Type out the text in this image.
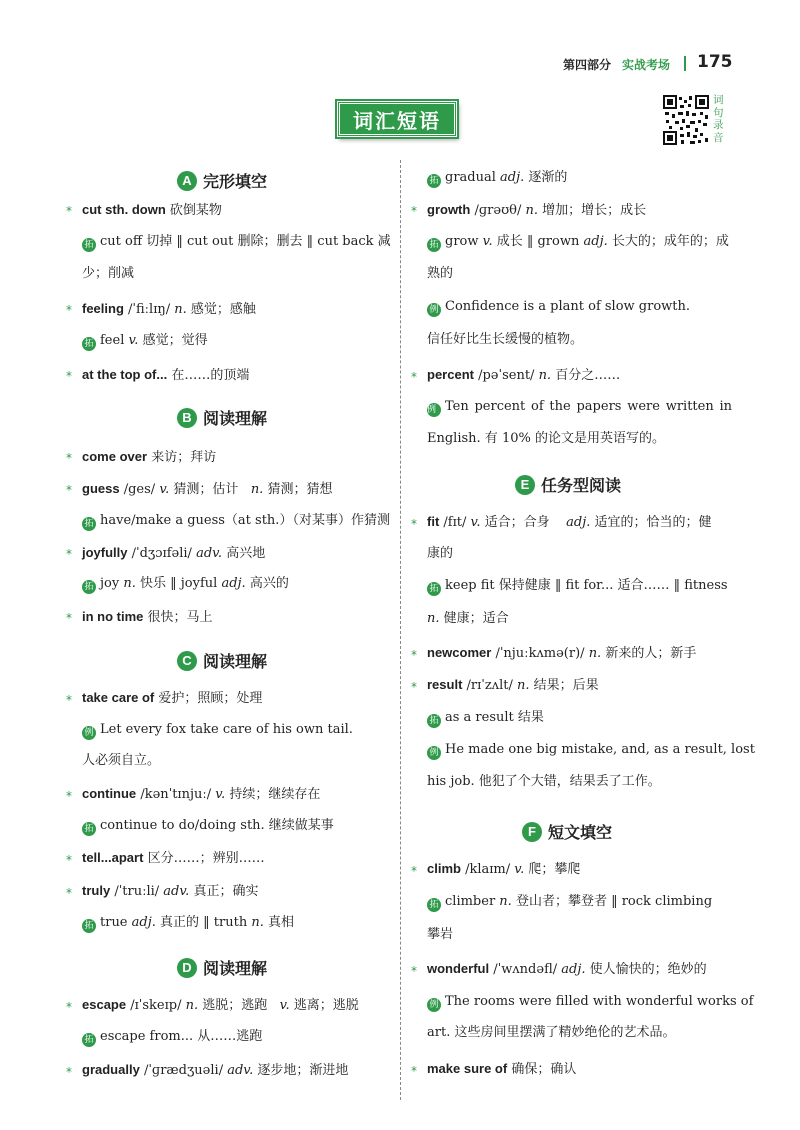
第四部分 实战考场 175
词汇短语
词
句
录
音
A 完形填空
* cut sth. down 砍倒某物
拓 cut off 切掉 ‖ cut out 删除；删去 ‖ cut back 减
少；削减
* feeling /ˈfiːlɪŋ/ n. 感觉；感触
拓 feel v. 感觉；觉得
* at the top of... 在……的顶端
B 阅读理解
* come over 来访；拜访
* guess /ges/ v. 猜测；估计 n. 猜测；猜想
拓 have/make a guess（at sth.）（对某事）作猜测
* joyfully /ˈdʒɔɪfəli/ adv. 高兴地
拓 joy n. 快乐 ‖ joyful adj. 高兴的
* in no time 很快；马上
C 阅读理解
* take care of 爱护；照顾；处理
例 Let every fox take care of his own tail.
人必须自立。
* continue /kənˈtɪnjuː/ v. 持续；继续存在
拓 continue to do/doing sth. 继续做某事
* tell...apart 区分……；辨别……
* truly /ˈtruːli/ adv. 真正；确实
拓 true adj. 真正的 ‖ truth n. 真相
D 阅读理解
* escape /ɪˈskeɪp/ n. 逃脱；逃跑 v. 逃离；逃脱
拓 escape from... 从……逃跑
* gradually /ˈɡrædʒuəli/ adv. 逐步地；渐进地
拓 gradual adj. 逐渐的
* growth /ɡrəʊθ/ n. 增加；增长；成长
拓 grow v. 成长 ‖ grown adj. 长大的；成年的；成
熟的
例 Confidence is a plant of slow growth.
信任好比生长缓慢的植物。
* percent /pəˈsent/ n. 百分之……
例 Ten percent of the papers were written in
English. 有 10% 的论文是用英语写的。
E 任务型阅读
* fit /fɪt/ v. 适合；合身 adj. 适宜的；恰当的；健
康的
拓 keep fit 保持健康 ‖ fit for... 适合…… ‖ fitness
n. 健康；适合
* newcomer /ˈnjuːkʌmə(r)/ n. 新来的人；新手
* result /rɪˈzʌlt/ n. 结果；后果
拓 as a result 结果
例 He made one big mistake, and, as a result, lost
his job. 他犯了个大错，结果丢了工作。
F 短文填空
* climb /klaɪm/ v. 爬；攀爬
拓 climber n. 登山者；攀登者 ‖ rock climbing
攀岩
* wonderful /ˈwʌndəfl/ adj. 使人愉快的；绝妙的
例 The rooms were filled with wonderful works of
art. 这些房间里摆满了精妙绝伦的艺术品。
* make sure of 确保；确认
